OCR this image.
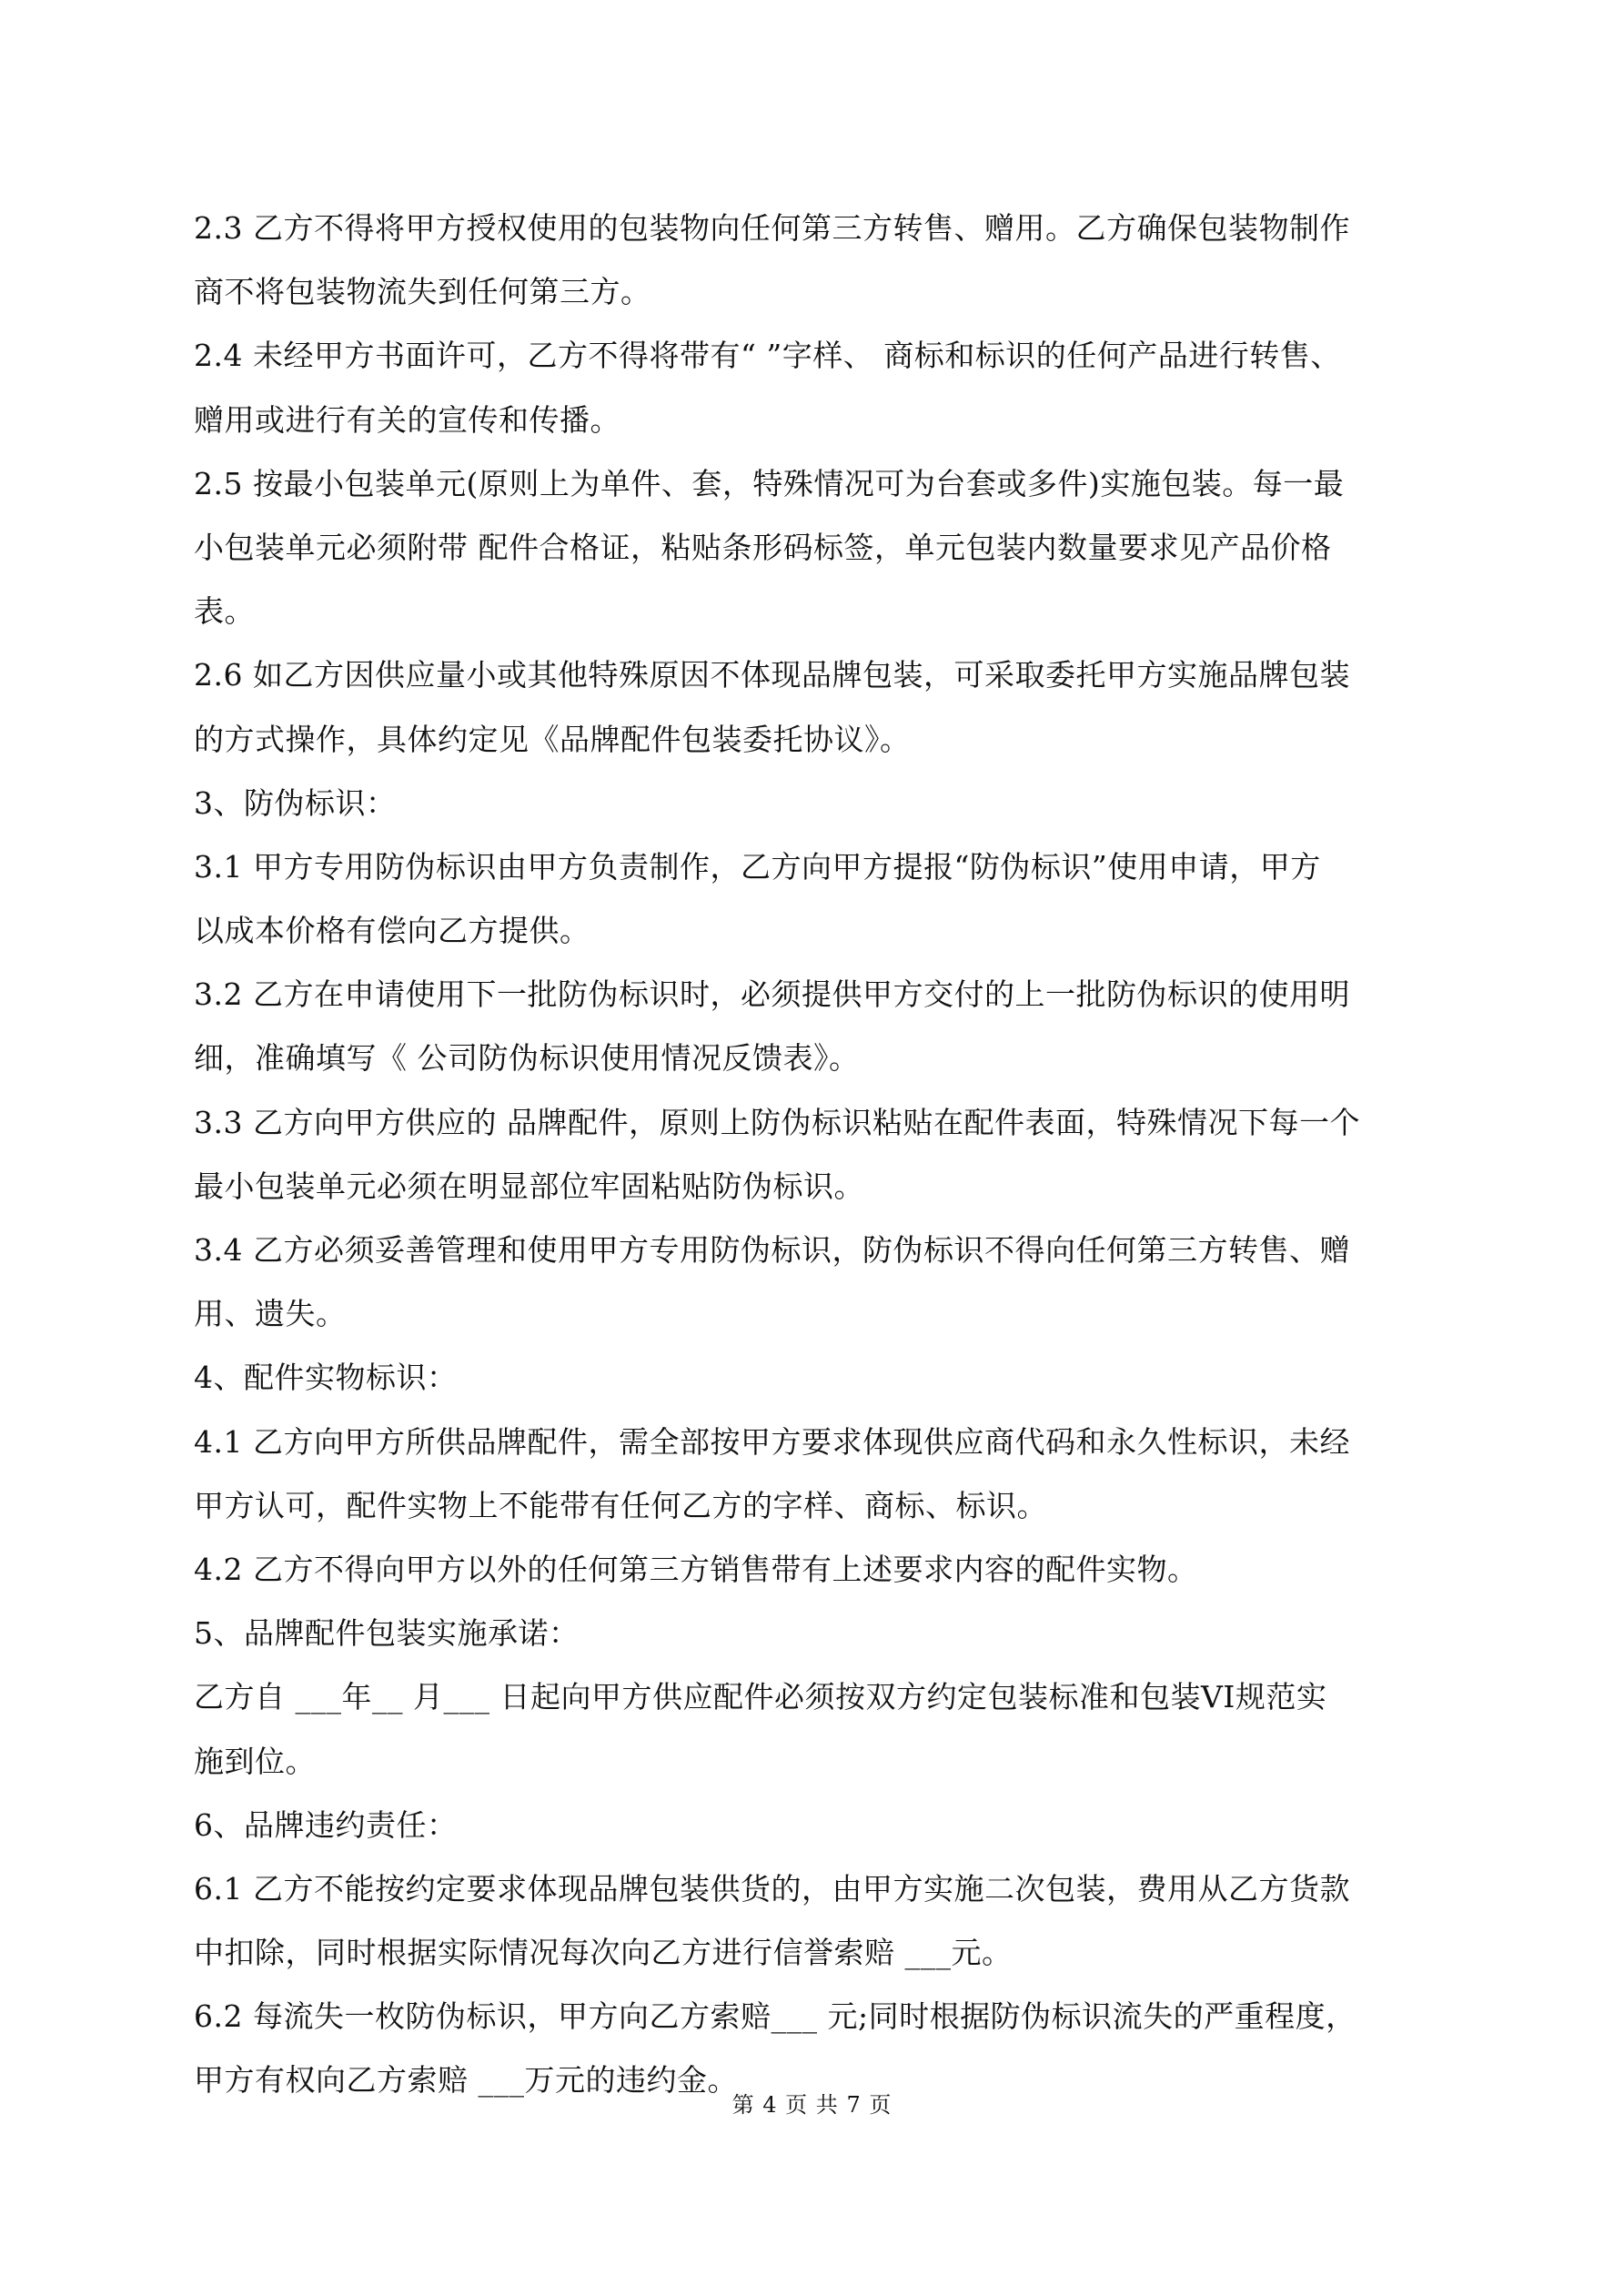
2.3 乙方不得将甲方授权使用的包装物向任何第三方转售、赠用。乙方确保包装物制作
商不将包装物流失到任何第三方。
2.4 未经甲方书面许可，乙方不得将带有“ ”字样、 商标和标识的任何产品进行转售、
赠用或进行有关的宣传和传播。
2.5 按最小包装单元(原则上为单件、套，特殊情况可为台套或多件)实施包装。每一最
小包装单元必须附带 配件合格证，粘贴条形码标签，单元包装内数量要求见产品价格
表。
2.6 如乙方因供应量小或其他特殊原因不体现品牌包装，可采取委托甲方实施品牌包装
的方式操作，具体约定见《品牌配件包装委托协议》。
3、防伪标识：
3.1 甲方专用防伪标识由甲方负责制作，乙方向甲方提报“防伪标识”使用申请，甲方
以成本价格有偿向乙方提供。
3.2 乙方在申请使用下一批防伪标识时，必须提供甲方交付的上一批防伪标识的使用明
细，准确填写《 公司防伪标识使用情况反馈表》。
3.3 乙方向甲方供应的 品牌配件，原则上防伪标识粘贴在配件表面，特殊情况下每一个
最小包装单元必须在明显部位牢固粘贴防伪标识。
3.4 乙方必须妥善管理和使用甲方专用防伪标识，防伪标识不得向任何第三方转售、赠
用、遗失。
4、配件实物标识：
4.1 乙方向甲方所供品牌配件，需全部按甲方要求体现供应商代码和永久性标识，未经
甲方认可，配件实物上不能带有任何乙方的字样、商标、标识。
4.2 乙方不得向甲方以外的任何第三方销售带有上述要求内容的配件实物。
5、品牌配件包装实施承诺：
乙方自 ___年__ 月___ 日起向甲方供应配件必须按双方约定包装标准和包装VI规范实
施到位。
6、品牌违约责任：
6.1 乙方不能按约定要求体现品牌包装供货的，由甲方实施二次包装，费用从乙方货款
中扣除，同时根据实际情况每次向乙方进行信誉索赔 ___元。
6.2 每流失一枚防伪标识，甲方向乙方索赔___ 元;同时根据防伪标识流失的严重程度，
甲方有权向乙方索赔 ___万元的违约金。
第 4 页 共 7 页
